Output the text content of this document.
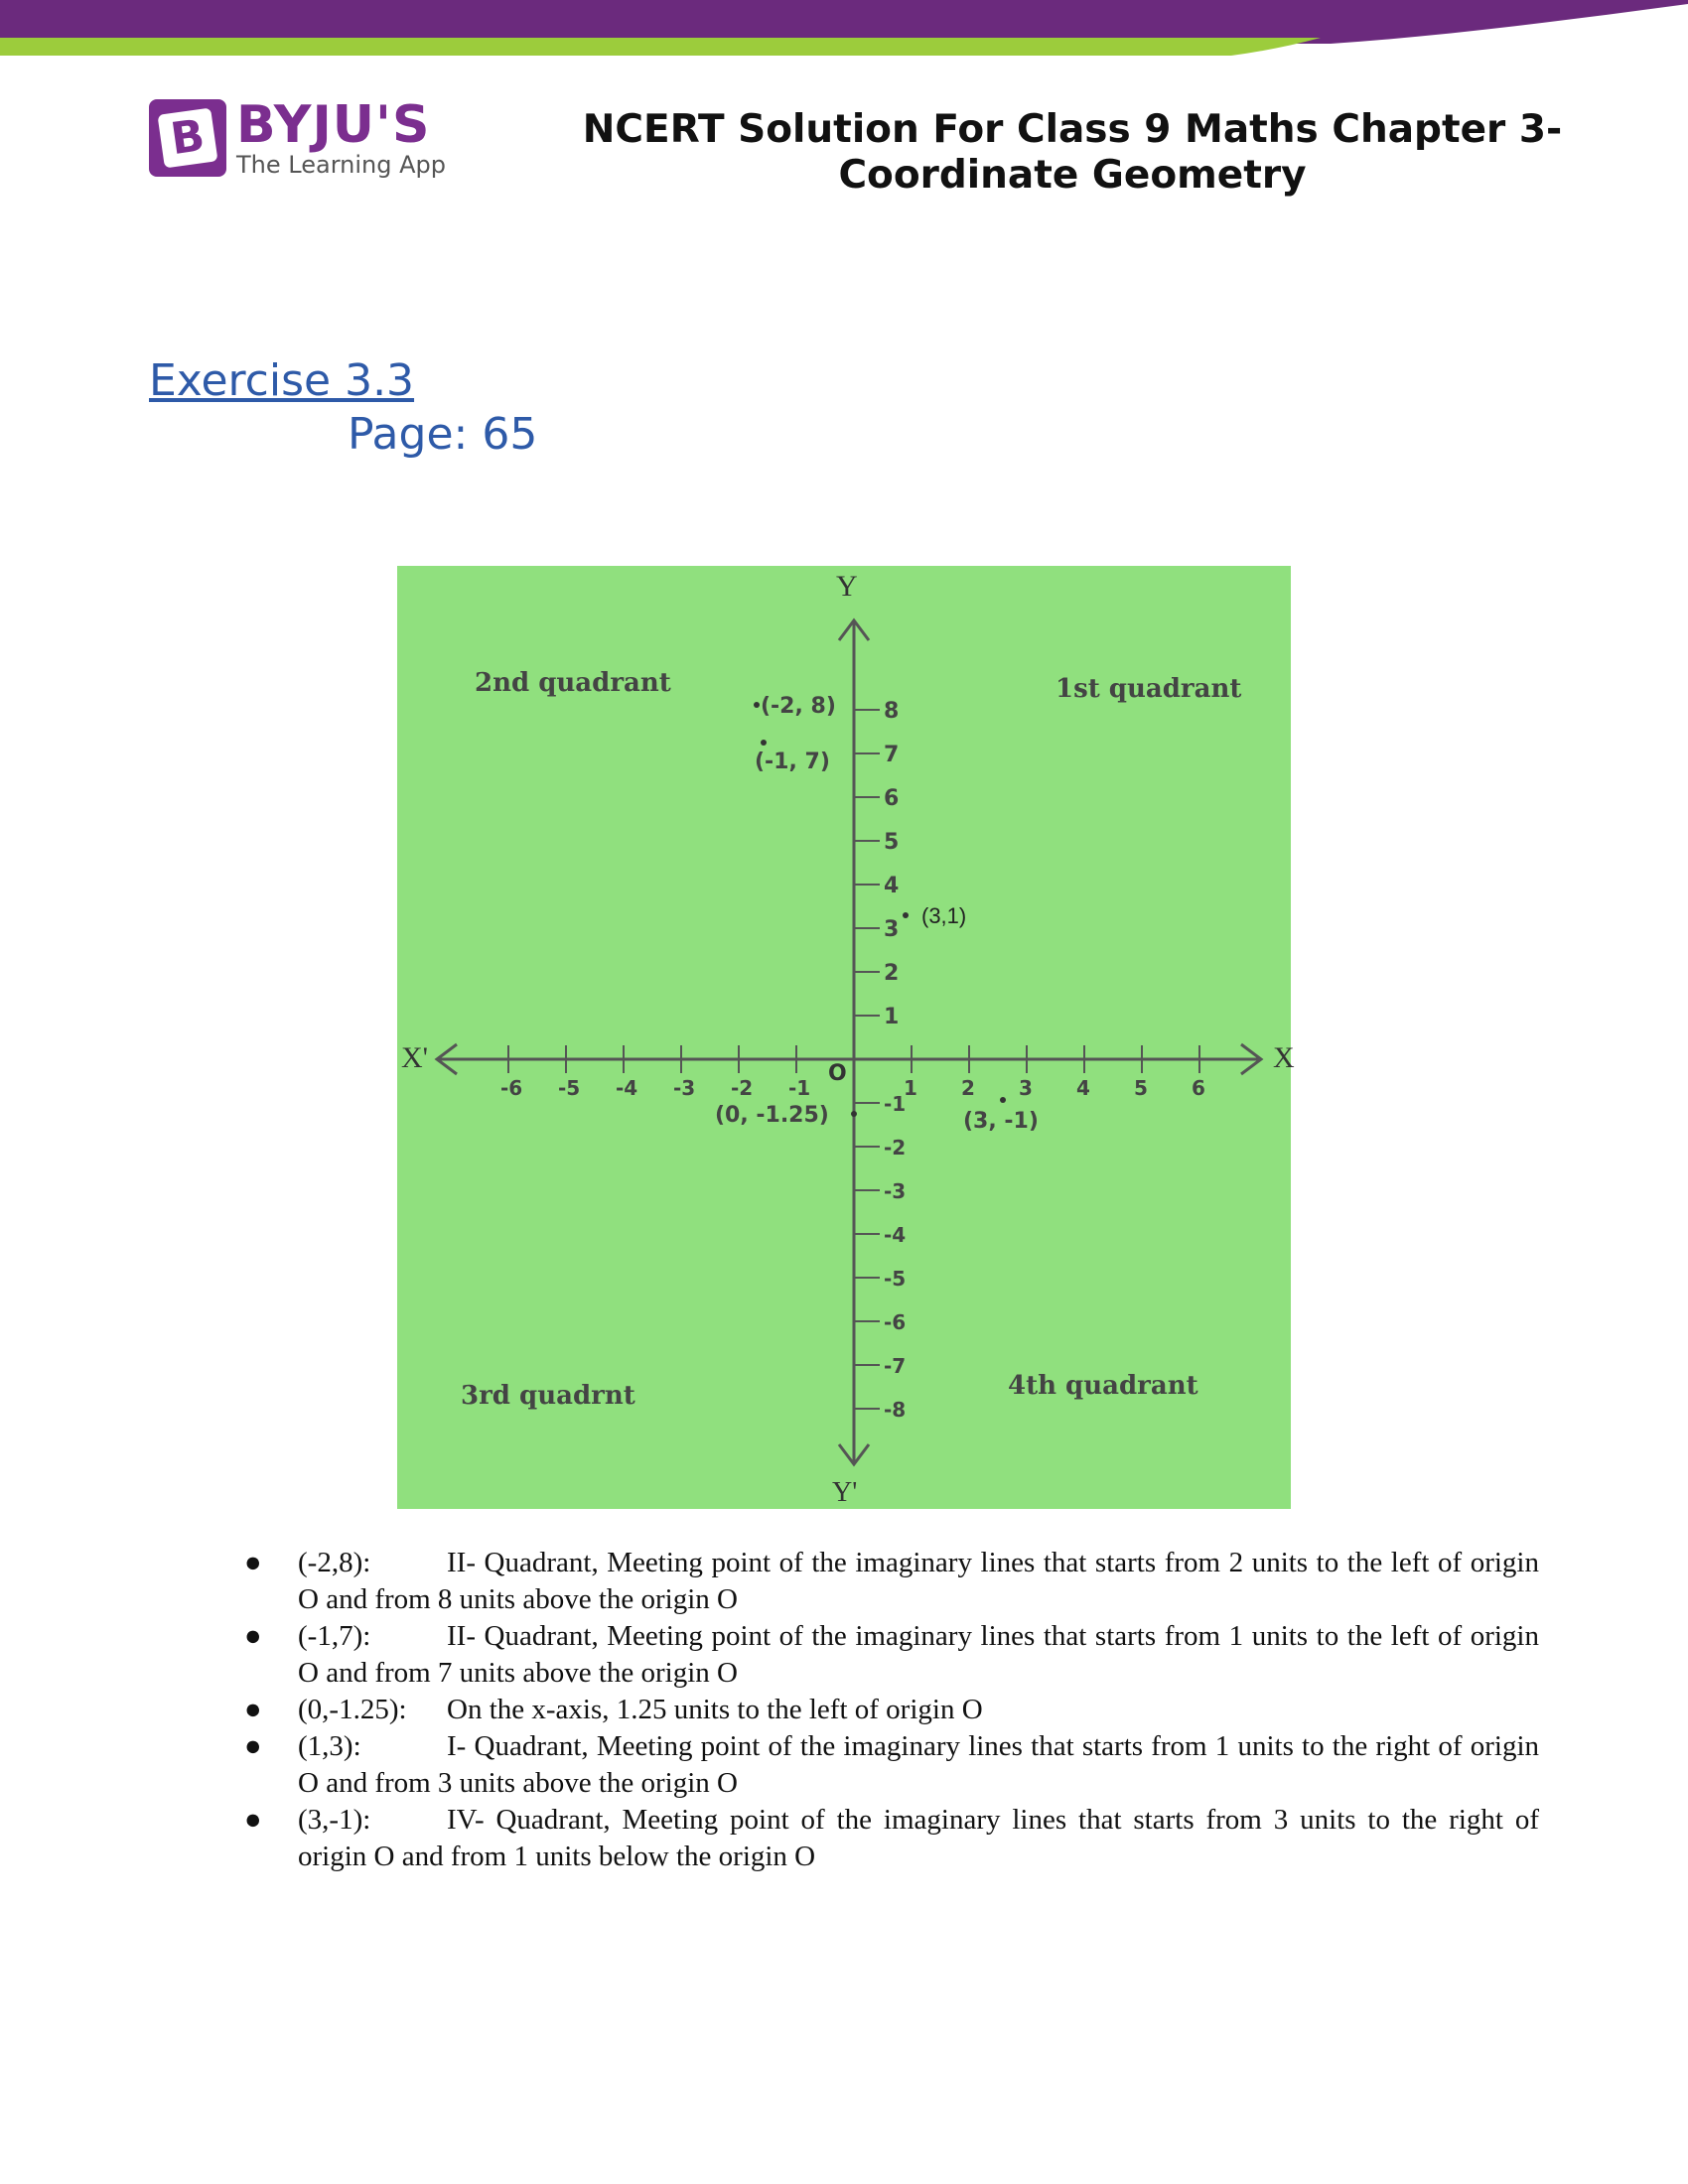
B BYJU'S
The Learning App
NCERT Solution For Class 9 Maths Chapter 3-
Coordinate Geometry
Exercise 3.3
Page: 65
-6 -5 -4 -3 -2 -1	1 2 3 4 5 6
8
7
6
5
4
3
2
1
-1
-2
-3
-4
-5
-6
-7
-8
X
X'
Y
Y'
O
2nd quadrant	1st quadrant
3rd quadrnt	4th quadrant
(-2, 8)
(-1, 7)
(0, -1.25)
(3,1)
(3, -1)
● (-2,8):	II- Quadrant, Meeting point of the imaginary lines that starts from 2 units to the left of origin O and from 8 units above the origin O
● (-1,7):	II- Quadrant, Meeting point of the imaginary lines that starts from 1 units to the left of origin O and from 7 units above the origin O
● (0,-1.25): On the x-axis, 1.25 units to the left of origin O
● (1,3):	I- Quadrant, Meeting point of the imaginary lines that starts from 1 units to the right of origin O and from 3 units above the origin O
● (3,-1):	IV- Quadrant, Meeting point of the imaginary lines that starts from 3 units to the right of origin O and from 1 units below the origin O
